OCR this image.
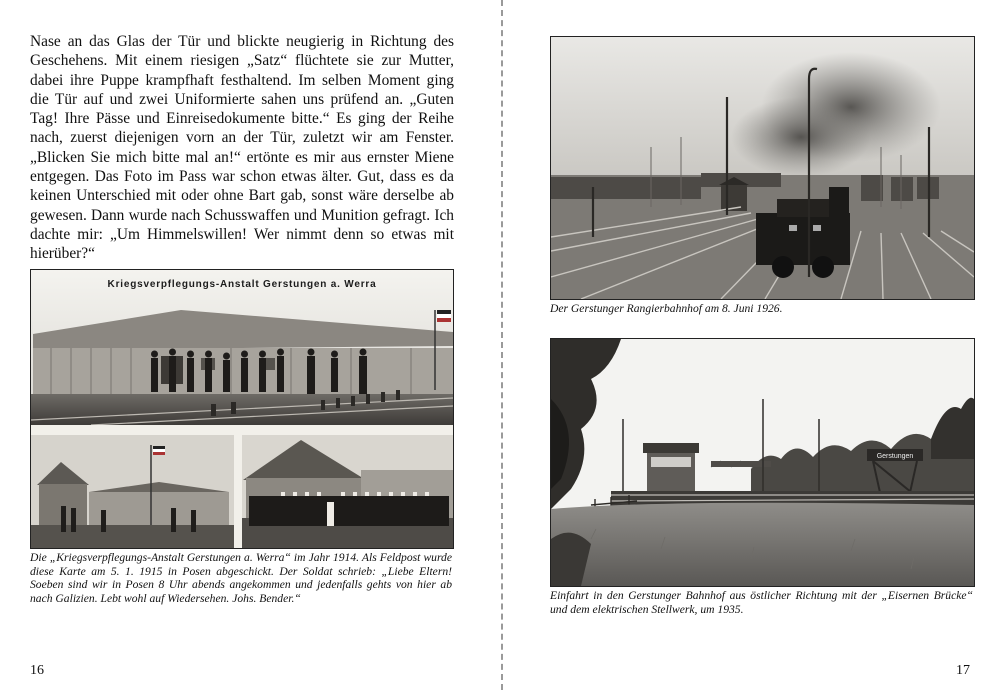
Nase an das Glas der Tür und blickte neugierig in Richtung des Geschehens. Mit einem riesigen „Satz“ flüchtete sie zur Mutter, dabei ihre Puppe krampfhaft festhaltend. Im selben Moment ging die Tür auf und zwei Uniformierte sahen uns prüfend an. „Guten Tag! Ihre Pässe und Einreisedokumente bitte.“ Es ging der Reihe nach, zuerst diejenigen vorn an der Tür, zuletzt wir am Fenster. „Blicken Sie mich bitte mal an!“ ertönte es mir aus ernster Miene entgegen. Das Foto im Pass war schon etwas älter. Gut, dass es da keinen Unterschied mit oder ohne Bart gab, sonst wäre derselbe ab gewesen. Dann wurde nach Schusswaffen und Munition gefragt. Ich dachte mir: „Um Himmelswillen! Wer nimmt denn so etwas mit hierüber?“

Kriegsverpflegungs-Anstalt Gerstungen a. Werra

Die „Kriegsverpflegungs-Anstalt Gerstungen a. Werra“ im Jahr 1914. Als Feldpost wurde diese Karte am 5. 1. 1915 in Posen abgeschickt. Der Soldat schrieb: „Liebe Eltern! Soeben sind wir in Posen 8 Uhr abends angekommen und jedenfalls gehts von hier ab nach Galizien. Lebt wohl auf Wiedersehen. Johs. Bender.“

16

Der Gerstunger Rangierbahnhof am 8. Juni 1926.

Gerstungen

Einfahrt in den Gerstunger Bahnhof aus östlicher Richtung mit der „Eisernen Brücke“ und dem elektrischen Stellwerk, um 1935.

17
